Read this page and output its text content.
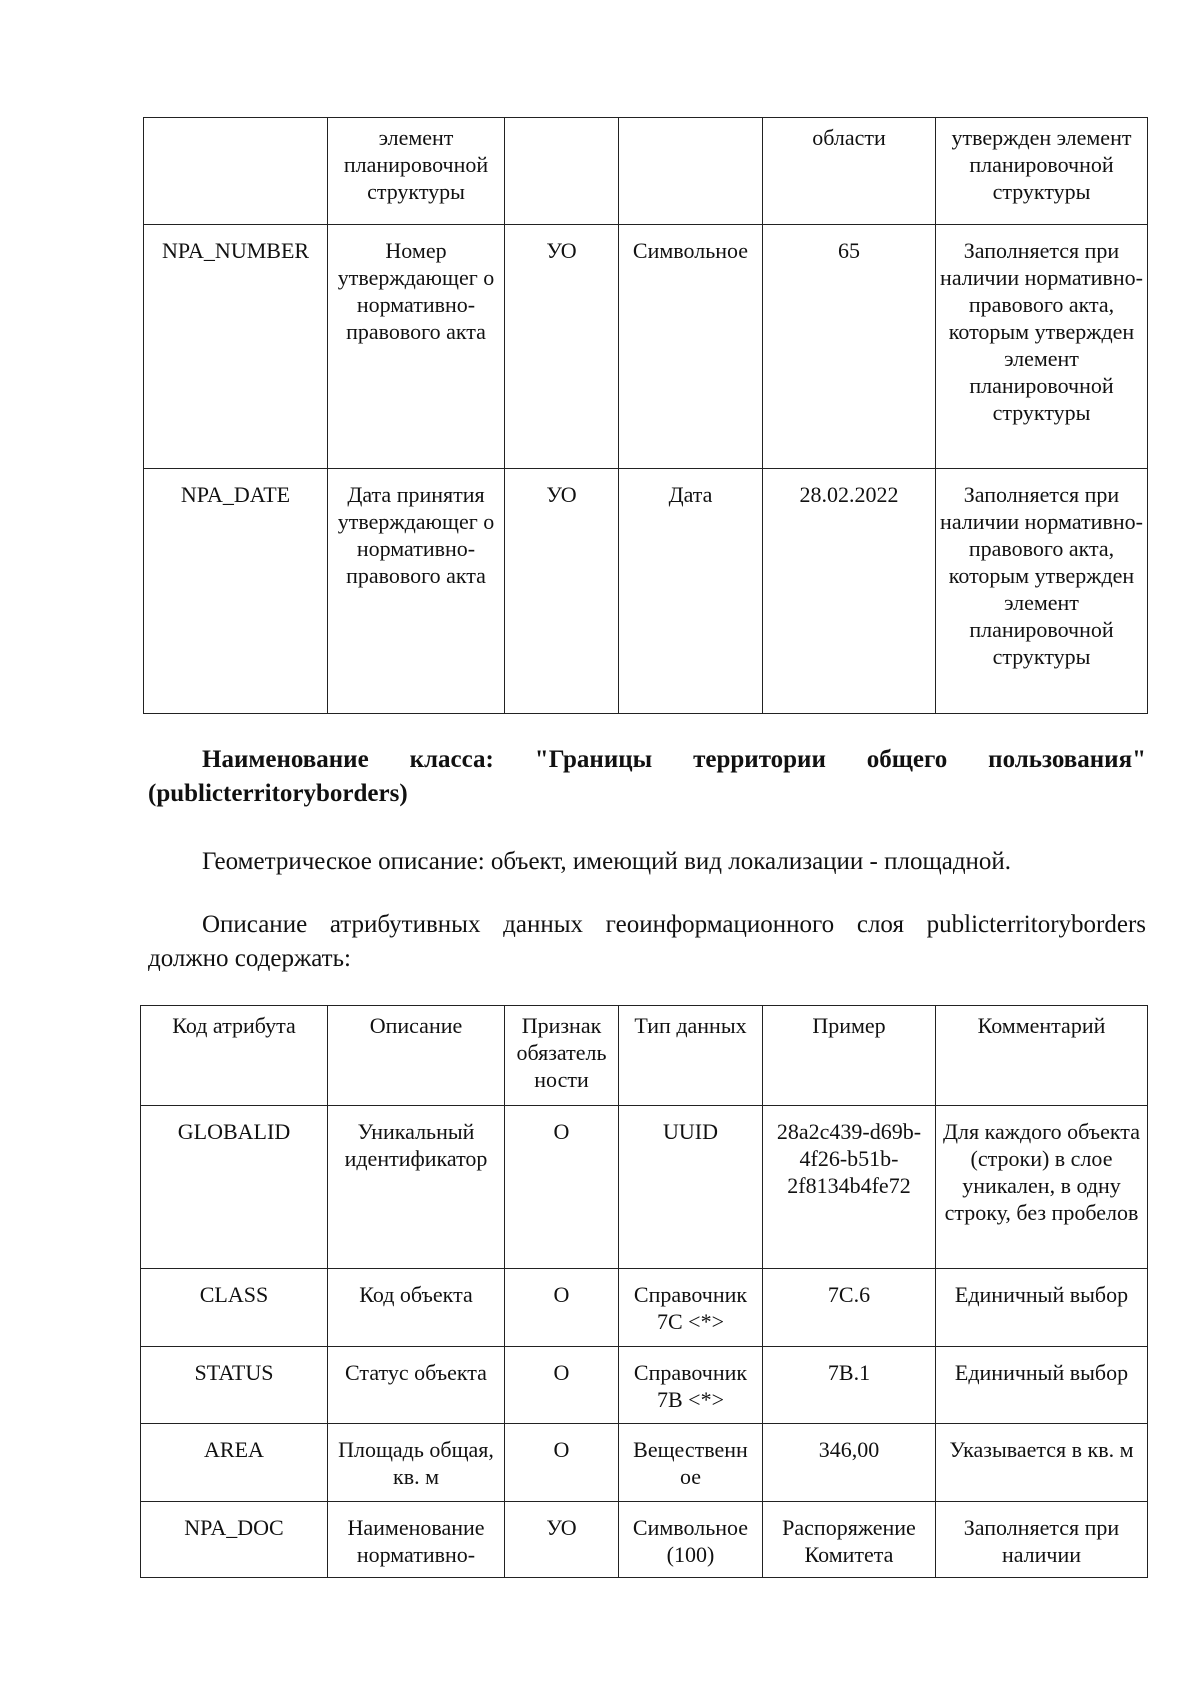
	элемент планировочной структуры			области	утвержден элемент планировочной структуры
NPA_NUMBER	Номер утверждающег о нормативно-правового акта	УО	Символьное	65	Заполняется при наличии нормативно-правового акта, которым утвержден элемент планировочной структуры
NPA_DATE	Дата принятия утверждающег о нормативно-правового акта	УО	Дата	28.02.2022	Заполняется при наличии нормативно-правового акта, которым утвержден элемент планировочной структуры
Наименование класса: "Границы территории общего пользования" (publicterritoryborders)
Геометрическое описание: объект, имеющий вид локализации - площадной.
Описание атрибутивных данных геоинформационного слоя publicterritoryborders должно содержать:
Код атрибута	Описание	Признак обязатель ности	Тип данных	Пример	Комментарий
GLOBALID	Уникальный идентификатор	О	UUID	28a2c439-d69b-4f26-b51b-2f8134b4fe72	Для каждого объекта (строки) в слое уникален, в одну строку, без пробелов
CLASS	Код объекта	О	Справочник 7С <*>	7С.6	Единичный выбор
STATUS	Статус объекта	О	Справочник 7В <*>	7В.1	Единичный выбор
AREA	Площадь общая, кв. м	О	Вещественн ое	346,00	Указывается в кв. м
NPA_DOC	Наименование нормативно-	УО	Символьное (100)	Распоряжение Комитета	Заполняется при наличии
